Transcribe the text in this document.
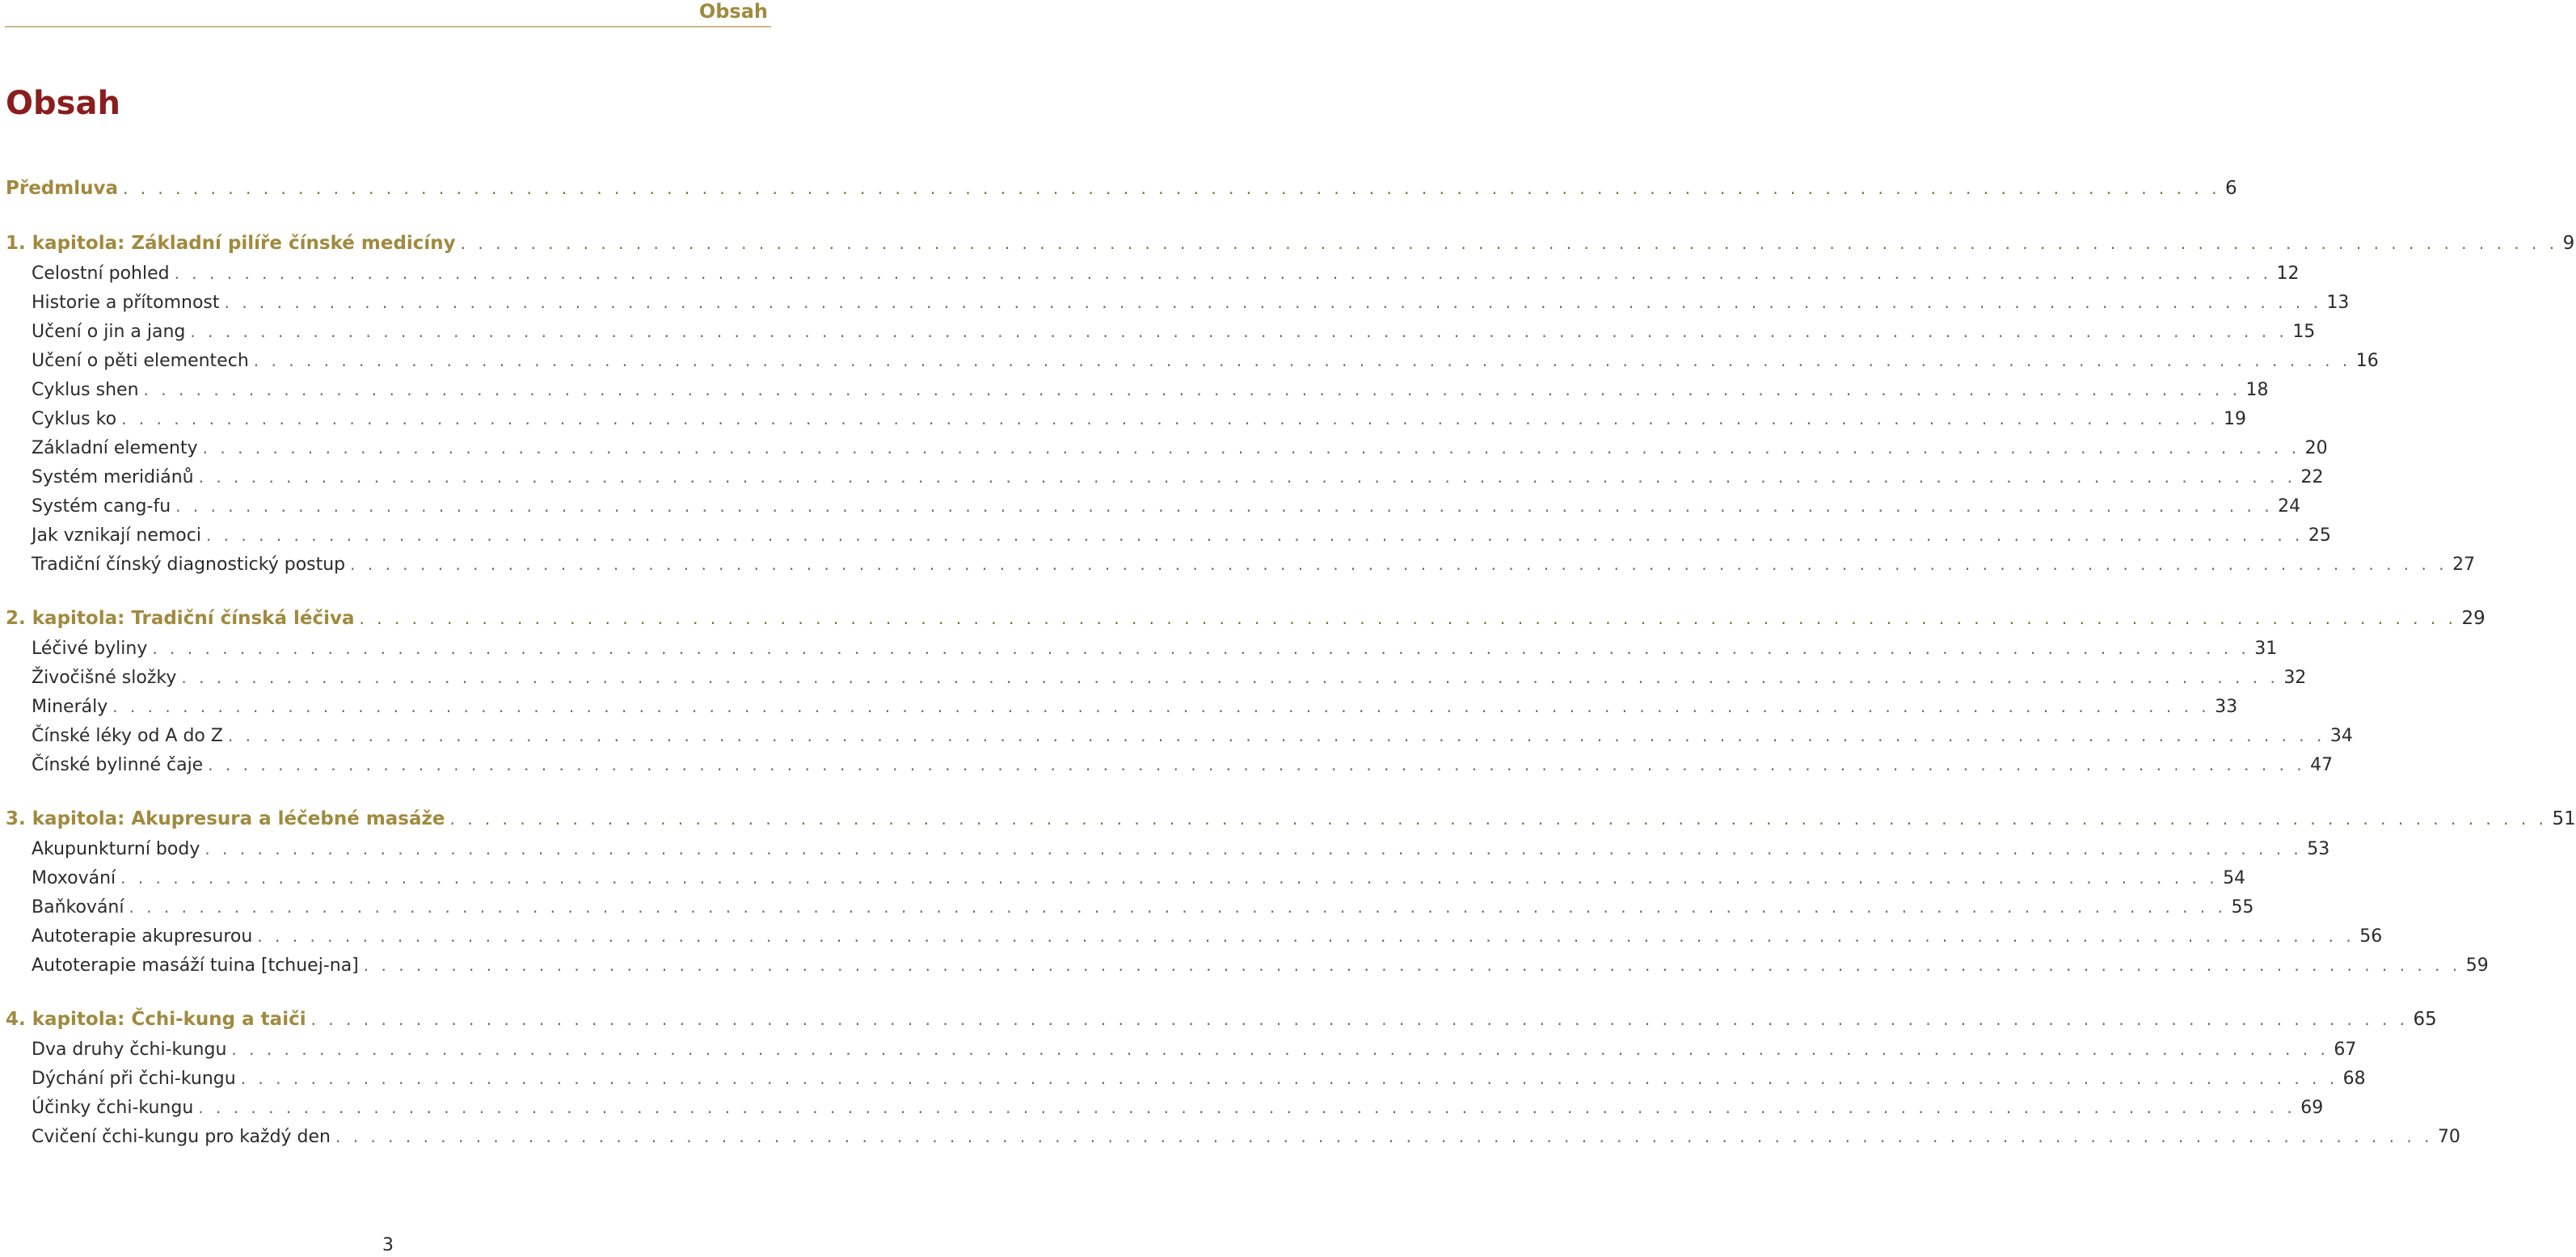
Obsah
Obsah
Předmluva . . . . . . . . . . . . . . . . . . . . . . . . . . . . . . . . . . . . . . . . . . . . . . . . . . . . . . . . . . . . . . . . . . . . . . . . . . . . . . . . . . . . . . . . . . . . . . . . . . . . . . . . . . . . . . . . . . . . . . . . 6
1. kapitola: Základní pilíře čínské medicíny . . . . . . . . . . . . . . . . . . . . . . . . . . . . . . . . . . . . . . . . . . . . . . . . . . . . . . . . . . . . . . . . . . . . . . . . . . . . . . . . . . . . . . . . . . . . . . . . . . . . . . . . . . . . . . . . . . . . . . . . 9
Celostní pohled . . . . . . . . . . . . . . . . . . . . . . . . . . . . . . . . . . . . . . . . . . . . . . . . . . . . . . . . . . . . . . . . . . . . . . . . . . . . . . . . . . . . . . . . . . . . . . . . . . . . . . . . . . . . . . . . . . . . . . . . 12
Historie a přítomnost . . . . . . . . . . . . . . . . . . . . . . . . . . . . . . . . . . . . . . . . . . . . . . . . . . . . . . . . . . . . . . . . . . . . . . . . . . . . . . . . . . . . . . . . . . . . . . . . . . . . . . . . . . . . . . . . . . . . . . . . 13
Učení o jin a jang . . . . . . . . . . . . . . . . . . . . . . . . . . . . . . . . . . . . . . . . . . . . . . . . . . . . . . . . . . . . . . . . . . . . . . . . . . . . . . . . . . . . . . . . . . . . . . . . . . . . . . . . . . . . . . . . . . . . . . . . 15
Učení o pěti elementech . . . . . . . . . . . . . . . . . . . . . . . . . . . . . . . . . . . . . . . . . . . . . . . . . . . . . . . . . . . . . . . . . . . . . . . . . . . . . . . . . . . . . . . . . . . . . . . . . . . . . . . . . . . . . . . . . . . . . . . . 16
Cyklus shen . . . . . . . . . . . . . . . . . . . . . . . . . . . . . . . . . . . . . . . . . . . . . . . . . . . . . . . . . . . . . . . . . . . . . . . . . . . . . . . . . . . . . . . . . . . . . . . . . . . . . . . . . . . . . . . . . . . . . . . . 18
Cyklus ko . . . . . . . . . . . . . . . . . . . . . . . . . . . . . . . . . . . . . . . . . . . . . . . . . . . . . . . . . . . . . . . . . . . . . . . . . . . . . . . . . . . . . . . . . . . . . . . . . . . . . . . . . . . . . . . . . . . . . . . . 19
Základní elementy . . . . . . . . . . . . . . . . . . . . . . . . . . . . . . . . . . . . . . . . . . . . . . . . . . . . . . . . . . . . . . . . . . . . . . . . . . . . . . . . . . . . . . . . . . . . . . . . . . . . . . . . . . . . . . . . . . . . . . . . 20
Systém meridiánů . . . . . . . . . . . . . . . . . . . . . . . . . . . . . . . . . . . . . . . . . . . . . . . . . . . . . . . . . . . . . . . . . . . . . . . . . . . . . . . . . . . . . . . . . . . . . . . . . . . . . . . . . . . . . . . . . . . . . . . . 22
Systém cang-fu . . . . . . . . . . . . . . . . . . . . . . . . . . . . . . . . . . . . . . . . . . . . . . . . . . . . . . . . . . . . . . . . . . . . . . . . . . . . . . . . . . . . . . . . . . . . . . . . . . . . . . . . . . . . . . . . . . . . . . . . 24
Jak vznikají nemoci . . . . . . . . . . . . . . . . . . . . . . . . . . . . . . . . . . . . . . . . . . . . . . . . . . . . . . . . . . . . . . . . . . . . . . . . . . . . . . . . . . . . . . . . . . . . . . . . . . . . . . . . . . . . . . . . . . . . . . . . 25
Tradiční čínský diagnostický postup . . . . . . . . . . . . . . . . . . . . . . . . . . . . . . . . . . . . . . . . . . . . . . . . . . . . . . . . . . . . . . . . . . . . . . . . . . . . . . . . . . . . . . . . . . . . . . . . . . . . . . . . . . . . . . . . . . . . . . . . 27
2. kapitola: Tradiční čínská léčiva . . . . . . . . . . . . . . . . . . . . . . . . . . . . . . . . . . . . . . . . . . . . . . . . . . . . . . . . . . . . . . . . . . . . . . . . . . . . . . . . . . . . . . . . . . . . . . . . . . . . . . . . . . . . . . . . . . . . . . . . 29
Léčivé byliny . . . . . . . . . . . . . . . . . . . . . . . . . . . . . . . . . . . . . . . . . . . . . . . . . . . . . . . . . . . . . . . . . . . . . . . . . . . . . . . . . . . . . . . . . . . . . . . . . . . . . . . . . . . . . . . . . . . . . . . . 31
Živočišné složky . . . . . . . . . . . . . . . . . . . . . . . . . . . . . . . . . . . . . . . . . . . . . . . . . . . . . . . . . . . . . . . . . . . . . . . . . . . . . . . . . . . . . . . . . . . . . . . . . . . . . . . . . . . . . . . . . . . . . . . . 32
Minerály . . . . . . . . . . . . . . . . . . . . . . . . . . . . . . . . . . . . . . . . . . . . . . . . . . . . . . . . . . . . . . . . . . . . . . . . . . . . . . . . . . . . . . . . . . . . . . . . . . . . . . . . . . . . . . . . . . . . . . . . 33
Čínské léky od A do Z . . . . . . . . . . . . . . . . . . . . . . . . . . . . . . . . . . . . . . . . . . . . . . . . . . . . . . . . . . . . . . . . . . . . . . . . . . . . . . . . . . . . . . . . . . . . . . . . . . . . . . . . . . . . . . . . . . . . . . . . 34
Čínské bylinné čaje . . . . . . . . . . . . . . . . . . . . . . . . . . . . . . . . . . . . . . . . . . . . . . . . . . . . . . . . . . . . . . . . . . . . . . . . . . . . . . . . . . . . . . . . . . . . . . . . . . . . . . . . . . . . . . . . . . . . . . . . 47
3. kapitola: Akupresura a léčebné masáže . . . . . . . . . . . . . . . . . . . . . . . . . . . . . . . . . . . . . . . . . . . . . . . . . . . . . . . . . . . . . . . . . . . . . . . . . . . . . . . . . . . . . . . . . . . . . . . . . . . . . . . . . . . . . . . . . . . . . . . . 51
Akupunkturní body . . . . . . . . . . . . . . . . . . . . . . . . . . . . . . . . . . . . . . . . . . . . . . . . . . . . . . . . . . . . . . . . . . . . . . . . . . . . . . . . . . . . . . . . . . . . . . . . . . . . . . . . . . . . . . . . . . . . . . . . 53
Moxování . . . . . . . . . . . . . . . . . . . . . . . . . . . . . . . . . . . . . . . . . . . . . . . . . . . . . . . . . . . . . . . . . . . . . . . . . . . . . . . . . . . . . . . . . . . . . . . . . . . . . . . . . . . . . . . . . . . . . . . . 54
Baňkování . . . . . . . . . . . . . . . . . . . . . . . . . . . . . . . . . . . . . . . . . . . . . . . . . . . . . . . . . . . . . . . . . . . . . . . . . . . . . . . . . . . . . . . . . . . . . . . . . . . . . . . . . . . . . . . . . . . . . . . . 55
Autoterapie akupresurou . . . . . . . . . . . . . . . . . . . . . . . . . . . . . . . . . . . . . . . . . . . . . . . . . . . . . . . . . . . . . . . . . . . . . . . . . . . . . . . . . . . . . . . . . . . . . . . . . . . . . . . . . . . . . . . . . . . . . . . . 56
Autoterapie masáží tuina [tchuej-na] . . . . . . . . . . . . . . . . . . . . . . . . . . . . . . . . . . . . . . . . . . . . . . . . . . . . . . . . . . . . . . . . . . . . . . . . . . . . . . . . . . . . . . . . . . . . . . . . . . . . . . . . . . . . . . . . . . . . . . . . 59
4. kapitola: Čchi-kung a taiči . . . . . . . . . . . . . . . . . . . . . . . . . . . . . . . . . . . . . . . . . . . . . . . . . . . . . . . . . . . . . . . . . . . . . . . . . . . . . . . . . . . . . . . . . . . . . . . . . . . . . . . . . . . . . . . . . . . . . . . . 65
Dva druhy čchi-kungu . . . . . . . . . . . . . . . . . . . . . . . . . . . . . . . . . . . . . . . . . . . . . . . . . . . . . . . . . . . . . . . . . . . . . . . . . . . . . . . . . . . . . . . . . . . . . . . . . . . . . . . . . . . . . . . . . . . . . . . . 67
Dýchání při čchi-kungu . . . . . . . . . . . . . . . . . . . . . . . . . . . . . . . . . . . . . . . . . . . . . . . . . . . . . . . . . . . . . . . . . . . . . . . . . . . . . . . . . . . . . . . . . . . . . . . . . . . . . . . . . . . . . . . . . . . . . . . . 68
Účinky čchi-kungu . . . . . . . . . . . . . . . . . . . . . . . . . . . . . . . . . . . . . . . . . . . . . . . . . . . . . . . . . . . . . . . . . . . . . . . . . . . . . . . . . . . . . . . . . . . . . . . . . . . . . . . . . . . . . . . . . . . . . . . . 69
Cvičení čchi-kungu pro každý den . . . . . . . . . . . . . . . . . . . . . . . . . . . . . . . . . . . . . . . . . . . . . . . . . . . . . . . . . . . . . . . . . . . . . . . . . . . . . . . . . . . . . . . . . . . . . . . . . . . . . . . . . . . . . . . . . . . . . . . . 70
3
